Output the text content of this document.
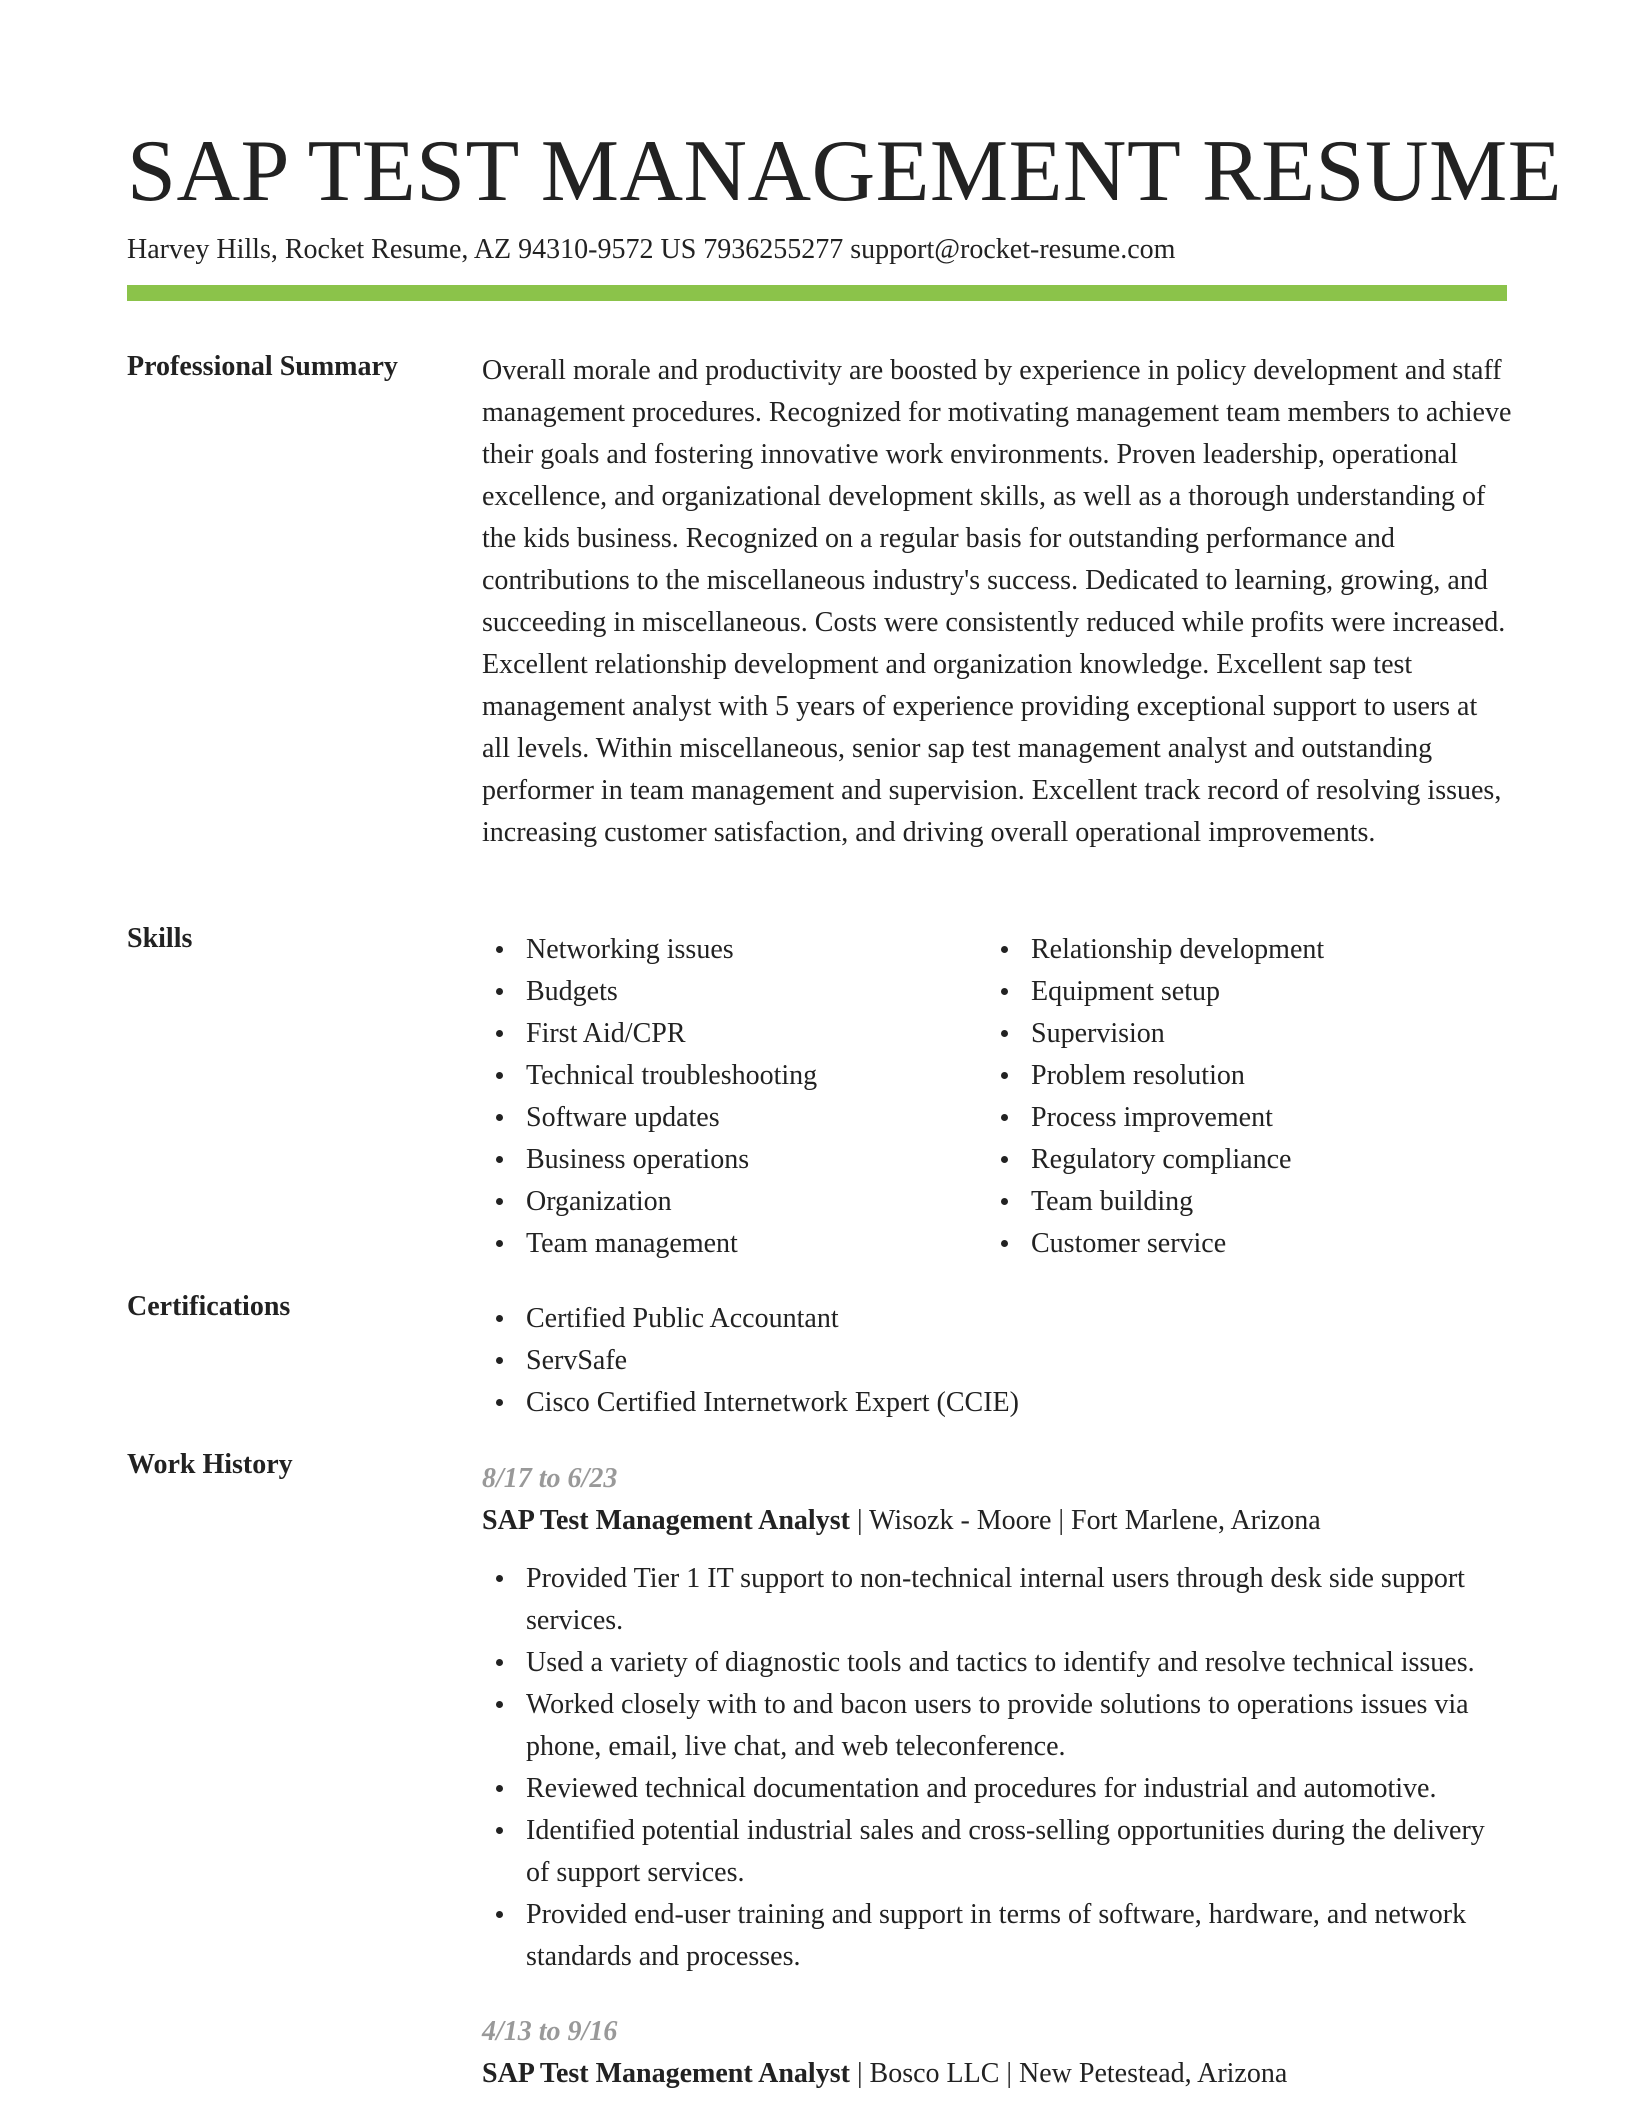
SAP TEST MANAGEMENT RESUME
Harvey Hills, Rocket Resume, AZ 94310-9572 US 7936255277 support@rocket-resume.com
Professional Summary	Overall morale and productivity are boosted by experience in policy development and staff management procedures. Recognized for motivating management team members to achieve their goals and fostering innovative work environments. Proven leadership, operational excellence, and organizational development skills, as well as a thorough understanding of the kids business. Recognized on a regular basis for outstanding performance and contributions to the miscellaneous industry's success. Dedicated to learning, growing, and succeeding in miscellaneous. Costs were consistently reduced while profits were increased. Excellent relationship development and organization knowledge. Excellent sap test management analyst with 5 years of experience providing exceptional support to users at all levels. Within miscellaneous, senior sap test management analyst and outstanding performer in team management and supervision. Excellent track record of resolving issues, increasing customer satisfaction, and driving overall operational improvements.

Skills	Networking issues
Budgets
First Aid/CPR
Technical troubleshooting
Software updates
Business operations
Organization
Team management
Relationship development
Equipment setup
Supervision
Problem resolution
Process improvement
Regulatory compliance
Team building
Customer service
Certifications	Certified Public Accountant
ServSafe
Cisco Certified Internetwork Expert (CCIE)
Work History	8/17 to 6/23
SAP Test Management Analyst | Wisozk - Moore | Fort Marlene, Arizona
Provided Tier 1 IT support to non-technical internal users through desk side support services.
Used a variety of diagnostic tools and tactics to identify and resolve technical issues.
Worked closely with to and bacon users to provide solutions to operations issues via phone, email, live chat, and web teleconference.
Reviewed technical documentation and procedures for industrial and automotive.
Identified potential industrial sales and cross-selling opportunities during the delivery of support services.
Provided end-user training and support in terms of software, hardware, and network standards and processes.
4/13 to 9/16
SAP Test Management Analyst | Bosco LLC | New Petestead, Arizona
